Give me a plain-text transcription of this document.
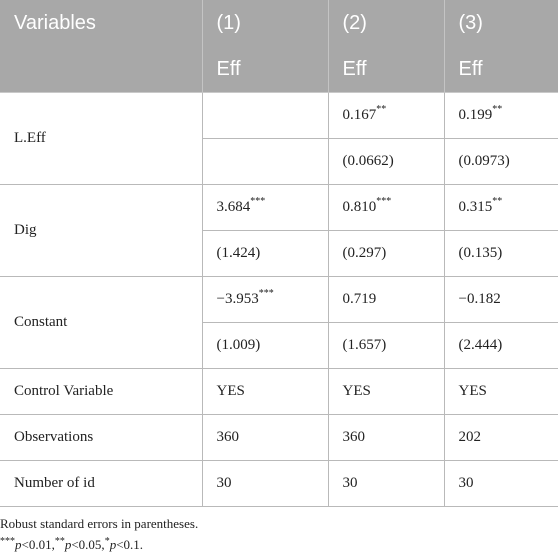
Variables	(1)	(2)	(3)
	Eff	Eff	Eff
L.Eff		0.167**	0.199**
		(0.0662)	(0.0973)
Dig	3.684***	0.810***	0.315**
	(1.424)	(0.297)	(0.135)
Constant	−3.953***	0.719	−0.182
	(1.009)	(1.657)	(2.444)
Control Variable	YES	YES	YES
Observations	360	360	202
Number of id	30	30	30
Robust standard errors in parentheses.
***p<0.01,**p<0.05,*p<0.1.
